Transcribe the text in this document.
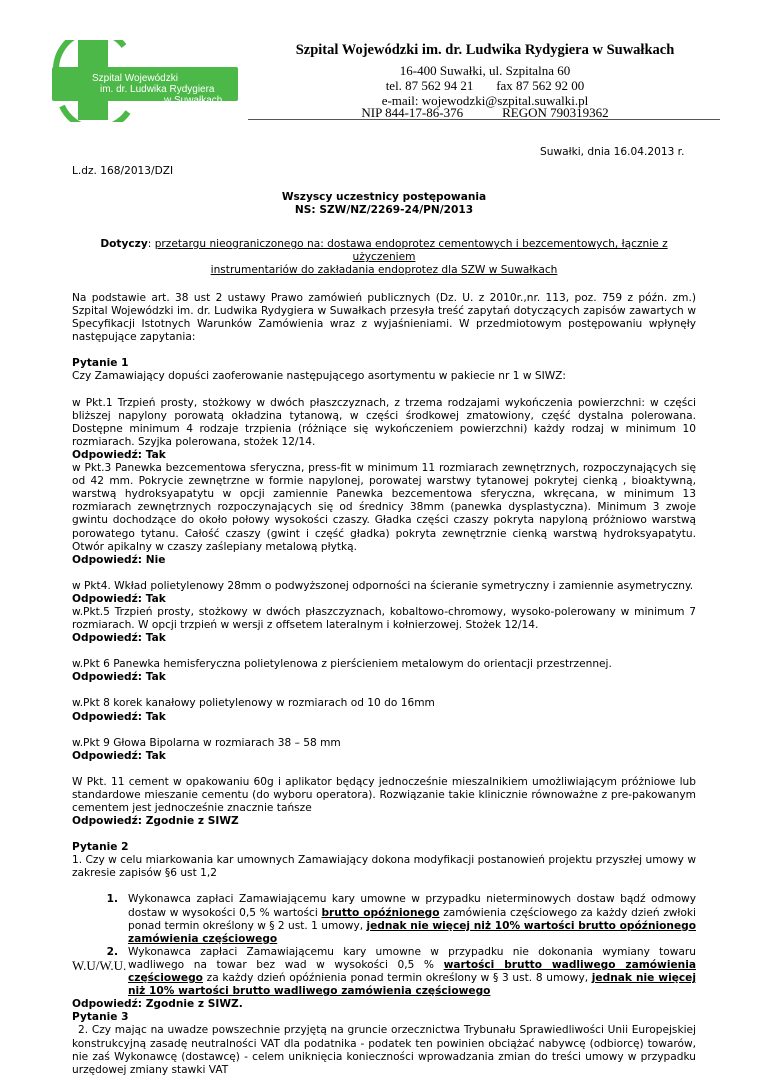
Szpital Wojewódzki
im. dr. Ludwika Rydygiera
w Suwałkach
Szpital Wojewódzki im. dr. Ludwika Rydygiera w Suwałkach
16-400 Suwałki, ul. Szpitalna 60
tel. 87 562 94 21 fax 87 562 92 00
e-mail: wojewodzki@szpital.suwalki.pl
NIP 844-17-86-376	REGON 790319362
Suwałki, dnia 16.04.2013 r.
L.dz. 168/2013/DZI
Wszyscy uczestnicy postępowania
NS: SZW/NZ/2269-24/PN/2013
Dotyczy: przetargu nieograniczonego na: dostawa endoprotez cementowych i bezcementowych, łącznie z użyczeniem
instrumentariów do zakładania endoprotez dla SZW w Suwałkach

Na podstawie art. 38 ust 2 ustawy Prawo zamówień publicznych (Dz. U. z 2010r.,nr. 113, poz. 759 z późn. zm.) Szpital Wojewódzki im. dr. Ludwika Rydygiera w Suwałkach przesyła treść zapytań dotyczących zapisów zawartych w Specyfikacji Istotnych Warunków Zamówienia wraz z wyjaśnieniami. W przedmiotowym postępowaniu wpłynęły następujące zapytania:

Pytanie 1

Czy Zamawiający dopuści zaoferowanie następującego asortymentu w pakiecie nr 1 w SIWZ:

w Pkt.1 Trzpień prosty, stożkowy w dwóch płaszczyznach, z trzema rodzajami wykończenia powierzchni: w części bliższej napylony porowatą okładzina tytanową, w części środkowej zmatowiony, część dystalna polerowana. Dostępne minimum 4 rodzaje trzpienia (różniące się wykończeniem powierzchni) każdy rodzaj w minimum 10 rozmiarach. Szyjka polerowana, stożek 12/14.

Odpowiedź: Tak

w Pkt.3 Panewka bezcementowa sferyczna, press-fit w minimum 11 rozmiarach zewnętrznych, rozpoczynających się od 42 mm. Pokrycie zewnętrzne w formie napylonej, porowatej warstwy tytanowej pokrytej cienką , bioaktywną, warstwą hydroksyapatytu w opcji zamiennie Panewka bezcementowa sferyczna, wkręcana, w minimum 13 rozmiarach zewnętrznych rozpoczynających się od średnicy 38mm (panewka dysplastyczna). Minimum 3 zwoje gwintu dochodzące do około połowy wysokości czaszy. Gładka części czaszy pokryta napyloną próżniowo warstwą porowatego tytanu. Całość czaszy (gwint i część gładka) pokryta zewnętrznie cienką warstwą hydroksyapatytu. Otwór apikalny w czaszy zaślepiany metalową płytką.

Odpowiedź: Nie

w Pkt4. Wkład polietylenowy 28mm o podwyższonej odporności na ścieranie symetryczny i zamiennie asymetryczny.

Odpowiedź: Tak

w.Pkt.5 Trzpień prosty, stożkowy w dwóch płaszczyznach, kobaltowo-chromowy, wysoko-polerowany w minimum 7 rozmiarach. W opcji trzpień w wersji z offsetem lateralnym i kołnierzowej. Stożek 12/14.

Odpowiedź: Tak

w.Pkt 6 Panewka hemisferyczna polietylenowa z pierścieniem metalowym do orientacji przestrzennej.

Odpowiedź: Tak

w.Pkt 8 korek kanałowy polietylenowy w rozmiarach od 10 do 16mm

Odpowiedź: Tak

w.Pkt 9 Głowa Bipolarna w rozmiarach 38 – 58 mm

Odpowiedź: Tak

W Pkt. 11 cement w opakowaniu 60g i aplikator będący jednocześnie mieszalnikiem umożliwiającym próżniowe lub standardowe mieszanie cementu (do wyboru operatora). Rozwiązanie takie klinicznie równoważne z pre-pakowanym cementem jest jednocześnie znacznie tańsze

Odpowiedź: Zgodnie z SIWZ

Pytanie 2

1. Czy w celu miarkowania kar umownych Zamawiający dokona modyfikacji postanowień projektu przyszłej umowy w zakresie zapisów §6 ust 1,2

1. Wykonawca zapłaci Zamawiającemu kary umowne w przypadku nieterminowych dostaw bądź odmowy dostaw w wysokości 0,5 % wartości brutto opóźnionego zamówienia częściowego za każdy dzień zwłoki ponad termin określony w § 2 ust. 1 umowy, jednak nie więcej niż 10% wartości brutto opóźnionego zamówienia częściowego
2. Wykonawca zapłaci Zamawiającemu kary umowne w przypadku nie dokonania wymiany towaru wadliwego na towar bez wad w wysokości 0,5 % wartości brutto wadliwego zamówienia częściowego za każdy dzień opóźnienia ponad termin określony w § 3 ust. 8 umowy, jednak nie więcej niż 10% wartości brutto wadliwego zamówienia częściowego

Odpowiedź: Zgodnie z SIWZ.

Pytanie 3

2. Czy mając na uwadze powszechnie przyjętą na gruncie orzecznictwa Trybunału Sprawiedliwości Unii Europejskiej konstrukcyjną zasadę neutralności VAT dla podatnika - podatek ten powinien obciążać nabywcę (odbiorcę) towarów, nie zaś Wykonawcę (dostawcę) - celem uniknięcia konieczności wprowadzania zmian do treści umowy w przypadku urzędowej zmiany stawki VAT

W.U/W.U.
